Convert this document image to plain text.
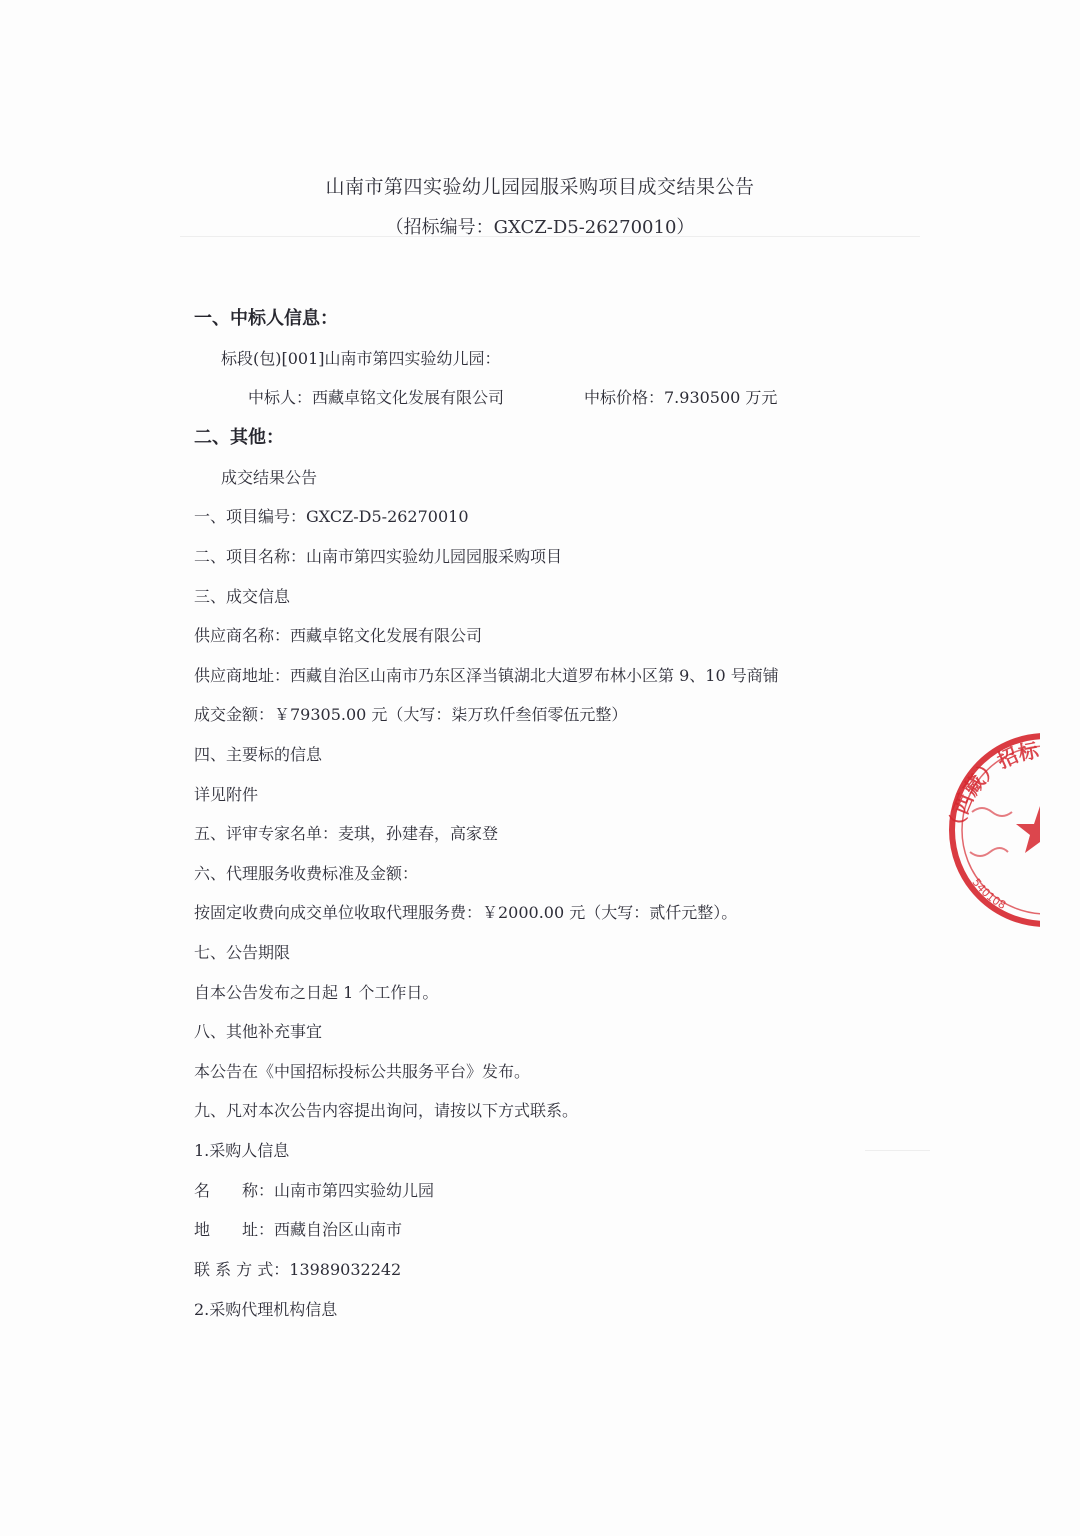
山南市第四实验幼儿园园服采购项目成交结果公告
（招标编号：GXCZ-D5-26270010）
一、中标人信息：
标段(包)[001]山南市第四实验幼儿园：
中标人：西藏卓铭文化发展有限公司	中标价格：7.930500 万元
二、其他：
成交结果公告
一、项目编号：GXCZ-D5-26270010
二、项目名称：山南市第四实验幼儿园园服采购项目
三、成交信息
供应商名称：西藏卓铭文化发展有限公司
供应商地址：西藏自治区山南市乃东区泽当镇湖北大道罗布林小区第 9、10 号商铺
成交金额：￥79305.00 元（大写：柒万玖仟叁佰零伍元整）
四、主要标的信息
详见附件
五、评审专家名单：麦琪，孙建春，高家登
六、代理服务收费标准及金额：
按固定收费向成交单位收取代理服务费：￥2000.00 元（大写：贰仟元整）。
七、公告期限
自本公告发布之日起 1 个工作日。
八、其他补充事宜
本公告在《中国招标投标公共服务平台》发布。
九、凡对本次公告内容提出询问，请按以下方式联系。
1.采购人信息
名　　称：山南市第四实验幼儿园
地　　址：西藏自治区山南市
联 系 方 式：13989032242
2.采购代理机构信息
（西藏）招标
540108
